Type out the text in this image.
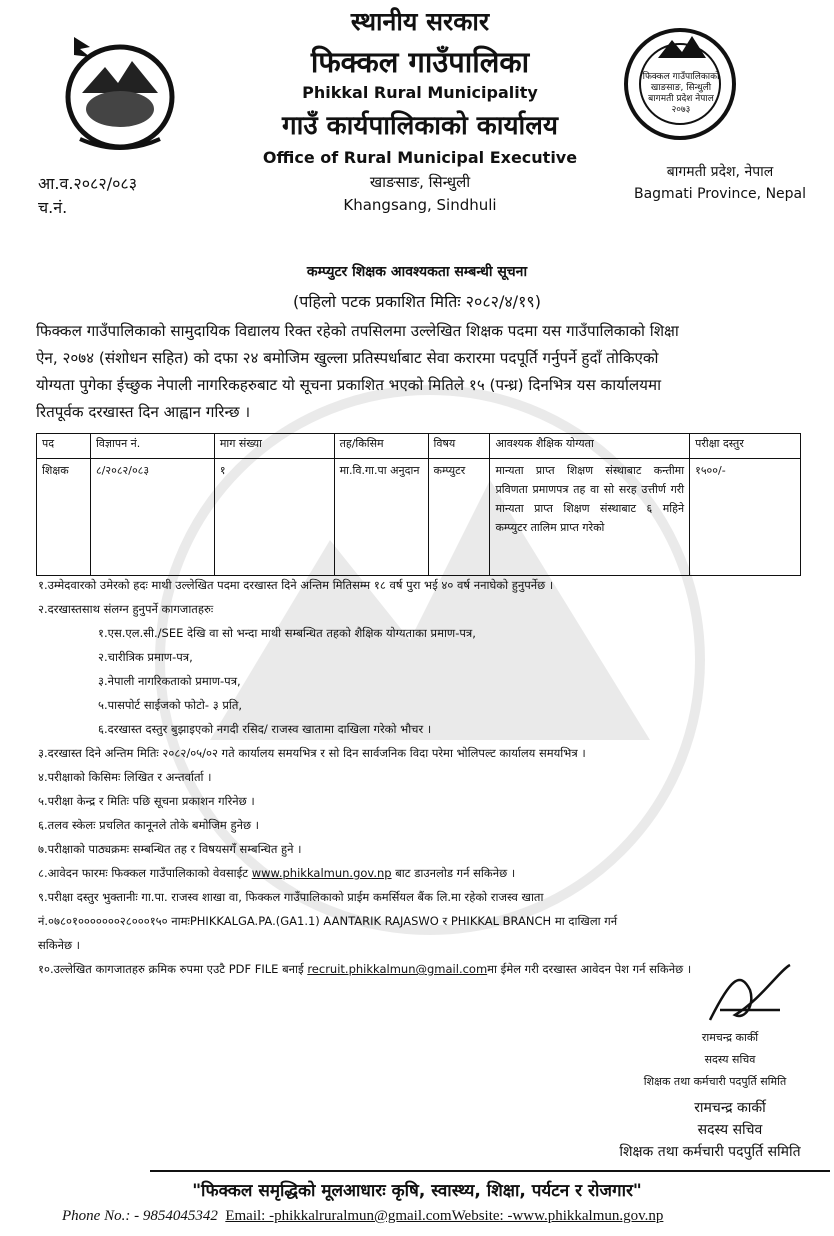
स्थानीय सरकार
फिक्कल गाउँपालिका
Phikkal Rural Municipality
गाउँ कार्यपालिकाको कार्यालय
Office of Rural Municipal Executive
खाङसाङ, सिन्धुली
Khangsang, Sindhuli
आ.व.२०८२/०८३
च.नं.
फिक्कल गाउँपालिकाको
खाङसाङ, सिन्धुली
बागमती प्रदेश नेपाल
२०७३
बागमती प्रदेश, नेपाल
Bagmati Province, Nepal
कम्प्युटर शिक्षक आवश्यकता सम्बन्धी सूचना
(पहिलो पटक प्रकाशित मितिः २०८२/४/१९)
फिक्कल गाउँपालिकाको सामुदायिक विद्यालय रिक्त रहेको तपसिलमा उल्लेखित शिक्षक पदमा यस गाउँपालिकाको शिक्षा
ऐन, २०७४ (संशोधन सहित) को दफा २४ बमोजिम खुल्ला प्रतिस्पर्धाबाट सेवा करारमा पदपूर्ति गर्नुपर्ने हुदाँ तोकिएको
योग्यता पुगेका ईच्छुक नेपाली नागरिकहरुबाट यो सूचना प्रकाशित भएको मितिले १५ (पन्ध्र) दिनभित्र यस कार्यालयमा
रितपूर्वक दरखास्त दिन आह्वान गरिन्छ ।
पद	विज्ञापन नं.	माग संख्या	तह/किसिम	विषय	आवश्यक शैक्षिक योग्यता	परीक्षा दस्तुर
शिक्षक	८/२०८२/०८३	१	मा.वि.गा.पा अनुदान	कम्प्युटर	मान्यता प्राप्त शिक्षण संस्थाबाट कन्तीमा प्रविणता प्रमाणपत्र तह वा सो सरह उत्तीर्ण गरी मान्यता प्राप्त शिक्षण संस्थाबाट ६ महिने कम्प्युटर तालिम प्राप्त गरेको	१५००/-
१.उम्मेदवारको उमेरको हदः माथी उल्लेखित पदमा दरखास्त दिने अन्तिम मितिसम्म १८ वर्ष पुरा भई ४० वर्ष ननाघेको हुनुपर्नेछ ।
२.दरखास्तसाथ संलग्न हुनुपर्ने कागजातहरुः
१.एस.एल.सी./SEE देखि वा सो भन्दा माथी सम्बन्धित तहको शैक्षिक योग्यताका प्रमाण-पत्र,
२.चारीत्रिक प्रमाण-पत्र,
३.नेपाली नागरिकताको प्रमाण-पत्र,
५.पासपोर्ट साईजको फोटो- ३ प्रति,
६.दरखास्त दस्तुर बुझाइएको नगदी रसिद/ राजस्व खातामा दाखिला गरेको भौचर ।
३.दरखास्त दिने अन्तिम मितिः २०८२/०५/०२ गते कार्यालय समयभित्र र सो दिन सार्वजनिक विदा परेमा भोलिपल्ट कार्यालय समयभित्र ।
४.परीक्षाको किसिमः लिखित र अन्तर्वार्ता ।
५.परीक्षा केन्द्र र मितिः पछि सूचना प्रकाशन गरिनेछ ।
६.तलव स्केलः प्रचलित कानूनले तोके बमोजिम हुनेछ ।
७.परीक्षाको पाठ्यक्रमः सम्बन्धित तह र विषयसगँ सम्बन्धित हुने ।
८.आवेदन फारमः फिक्कल गाउँपालिकाको वेवसाईट www.phikkalmun.gov.np बाट डाउनलोड गर्न सकिनेछ ।
९.परीक्षा दस्तुर भुक्तानीः गा.पा. राजस्व शाखा वा, फिक्कल गाउँपालिकाको प्राईम कमर्सियल बैंक लि.मा रहेको राजस्व खाता
नं.०७८०१०००००००२८०००१५० नामःPHIKKALGA.PA.(GA1.1) AANTARIK RAJASWO र PHIKKAL BRANCH मा दाखिला गर्न
सकिनेछ ।
१०.उल्लेखित कागजातहरु क्रमिक रुपमा एउटै PDF FILE बनाई recruit.phikkalmun@gmail.comमा ईमेल गरी दरखास्त आवेदन पेश गर्न सकिनेछ ।
रामचन्द्र कार्की
सदस्य सचिव
शिक्षक तथा कर्मचारी पदपुर्ति समिति
रामचन्द्र कार्की
सदस्य सचिव
शिक्षक तथा कर्मचारी पदपुर्ति समिति
"फिक्कल समृद्धिको मूलआधारः कृषि, स्वास्थ्य, शिक्षा, पर्यटन र रोजगार"
Phone No.: - 9854045342 Email: -phikkalruralmun@gmail.comWebsite: -www.phikkalmun.gov.np
